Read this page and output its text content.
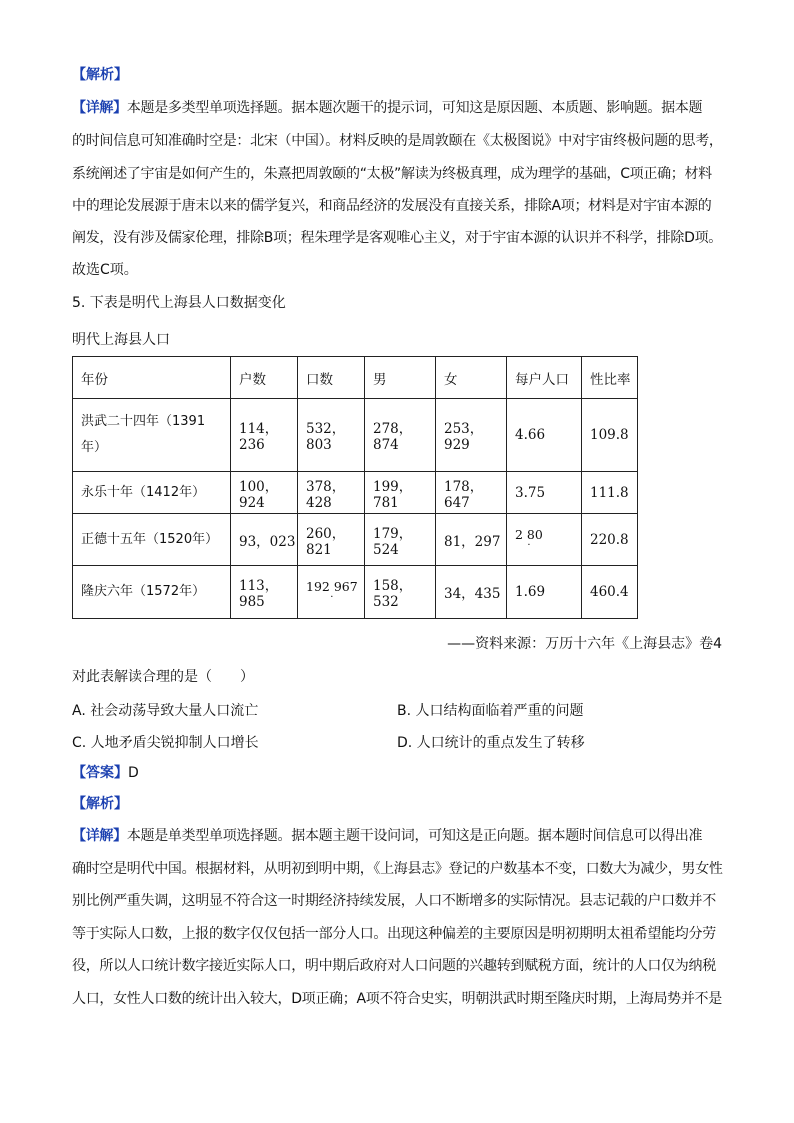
【解析】
【详解】本题是多类型单项选择题。据本题次题干的提示词，可知这是原因题、本质题、影响题。据本题
的时间信息可知准确时空是：北宋（中国）。材料反映的是周敦颐在《太极图说》中对宇宙终极问题的思考，
系统阐述了宇宙是如何产生的，朱熹把周敦颐的“太极”解读为终极真理，成为理学的基础，C项正确；材料
中的理论发展源于唐末以来的儒学复兴，和商品经济的发展没有直接关系，排除A项；材料是对宇宙本源的
阐发，没有涉及儒家伦理，排除B项；程朱理学是客观唯心主义，对于宇宙本源的认识并不科学，排除D项。
故选C项。
5. 下表是明代上海县人口数据变化
明代上海县人口
年份	户数	口数	男	女	每户人口	性比率
洪武二十四年（1391
年）	114，236	532，803	278，874	253，929	4.66	109.8
永乐十年（1412年）	100，924	378，428	199，781	178，647	3.75	111.8
正德十五年（1520年）	93，023	260，821	179，524	81，297	2 80
·	220.8
隆庆六年（1572年）	113，985	192 967
·	158，532	34，435	1.69	460.4
——资料来源：万历十六年《上海县志》卷4
对此表解读合理的是（　　）
A. 社会动荡导致大量人口流亡	B. 人口结构面临着严重的问题
C. 人地矛盾尖锐抑制人口增长	D. 人口统计的重点发生了转移
【答案】D
【解析】
【详解】本题是单类型单项选择题。据本题主题干设问词，可知这是正向题。据本题时间信息可以得出准
确时空是明代中国。根据材料，从明初到明中期，《上海县志》登记的户数基本不变，口数大为减少，男女性
别比例严重失调，这明显不符合这一时期经济持续发展，人口不断增多的实际情况。县志记载的户口数并不
等于实际人口数，上报的数字仅仅包括一部分人口。出现这种偏差的主要原因是明初期明太祖希望能均分劳
役，所以人口统计数字接近实际人口，明中期后政府对人口问题的兴趣转到赋税方面，统计的人口仅为纳税
人口，女性人口数的统计出入较大，D项正确；A项不符合史实，明朝洪武时期至隆庆时期，上海局势并不是
